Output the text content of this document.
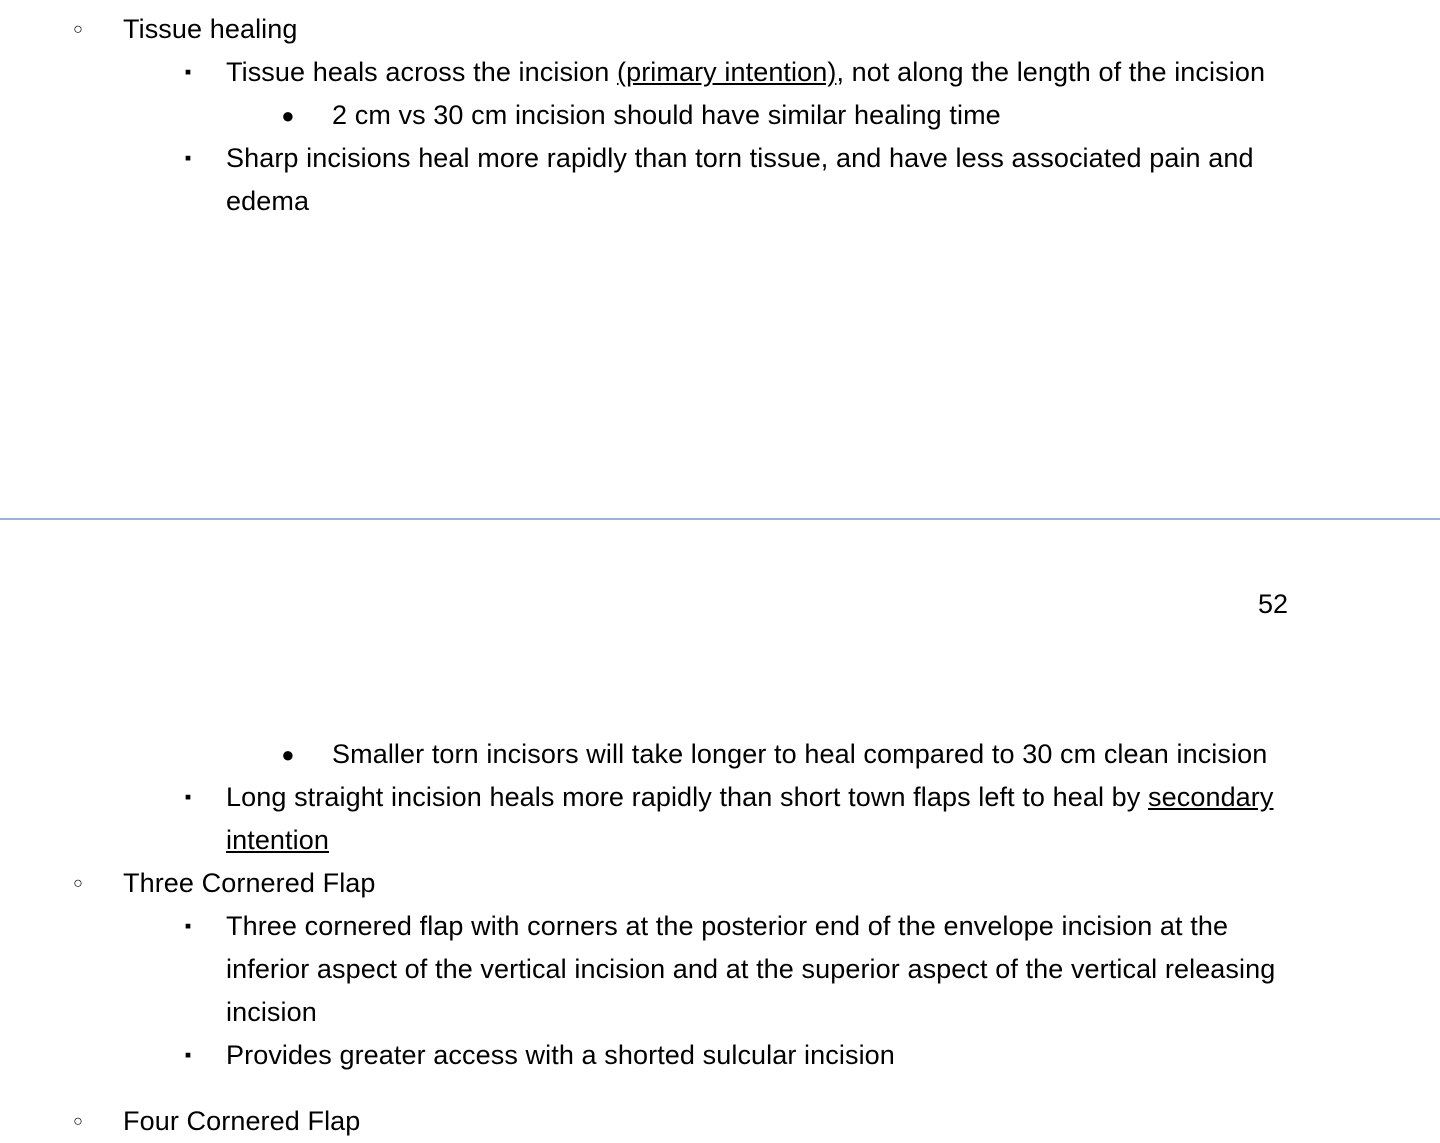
○ Tissue healing
▪ Tissue heals across the incision (primary intention), not along the length of the incision
● 2 cm vs 30 cm incision should have similar healing time
▪ Sharp incisions heal more rapidly than torn tissue, and have less associated pain and edema
52
● Smaller torn incisors will take longer to heal compared to 30 cm clean incision
▪ Long straight incision heals more rapidly than short town flaps left to heal by secondary intention
○ Three Cornered Flap
▪ Three cornered flap with corners at the posterior end of the envelope incision at the inferior aspect of the vertical incision and at the superior aspect of the vertical releasing incision
▪ Provides greater access with a shorted sulcular incision
○ Four Cornered Flap
